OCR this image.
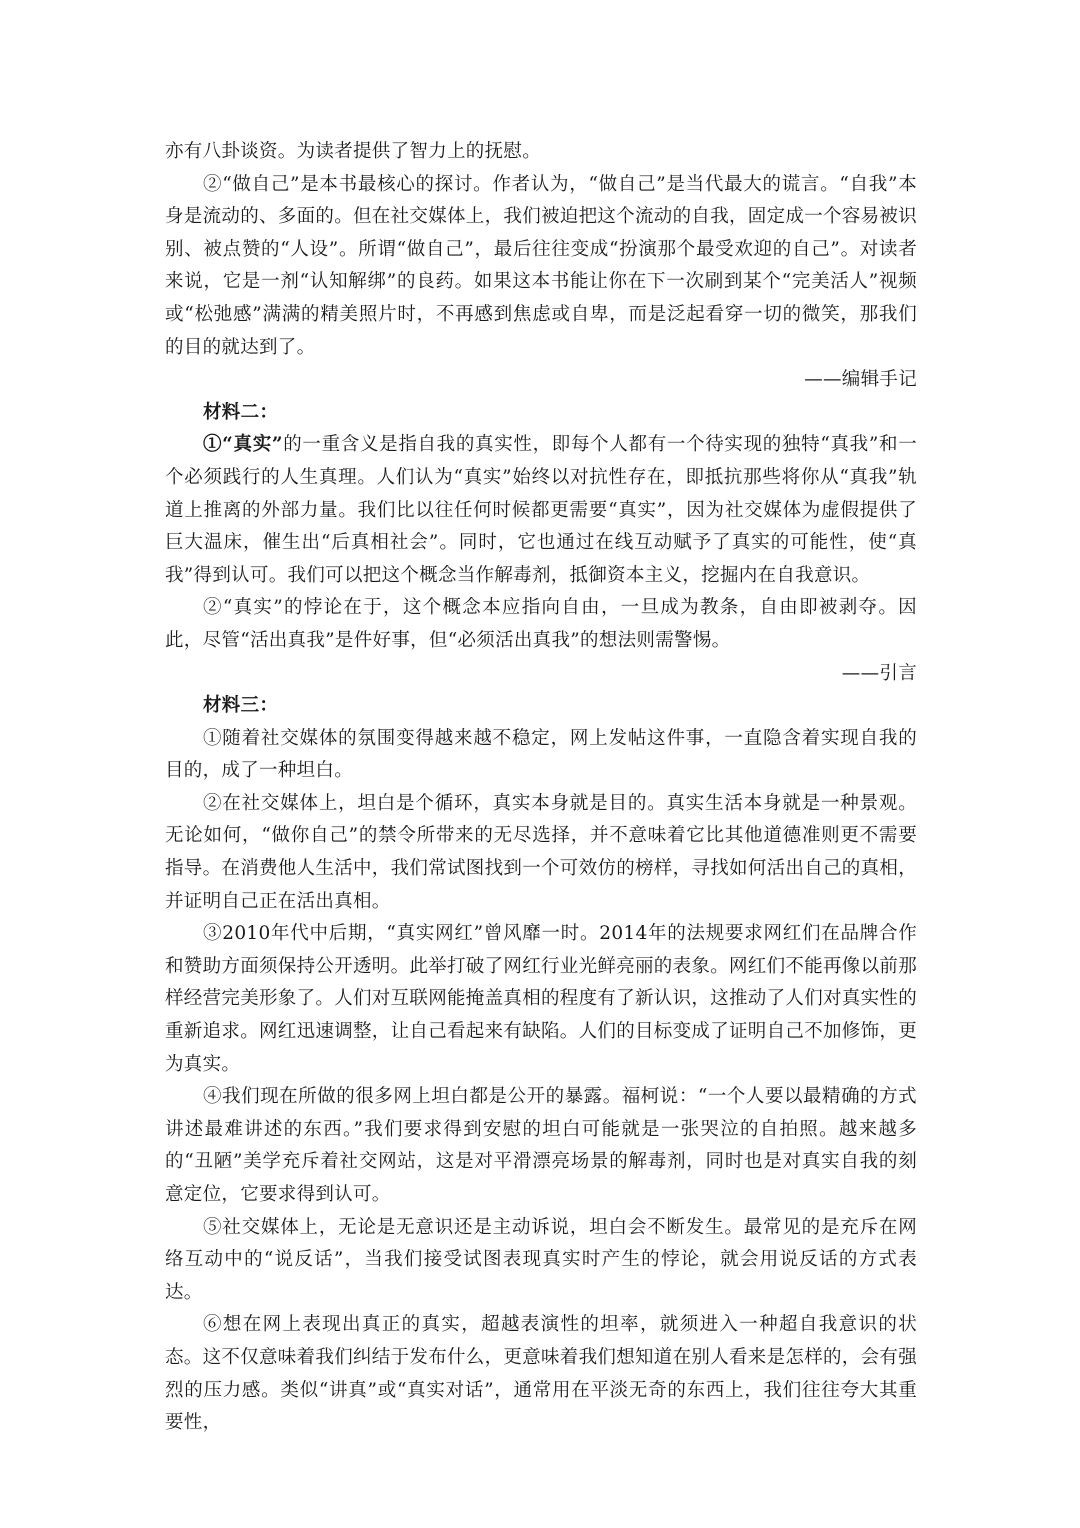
亦有八卦谈资。为读者提供了智力上的抚慰。

②“做自己”是本书最核心的探讨。作者认为，“做自己”是当代最大的谎言。“自我”本身是流动的、多面的。但在社交媒体上，我们被迫把这个流动的自我，固定成一个容易被识别、被点赞的“人设”。所谓“做自己”，最后往往变成“扮演那个最受欢迎的自己”。对读者来说，它是一剂“认知解绑”的良药。如果这本书能让你在下一次刷到某个“完美活人”视频或“松弛感”满满的精美照片时，不再感到焦虑或自卑，而是泛起看穿一切的微笑，那我们的目的就达到了。

——编辑手记

材料二：

①“真实”的一重含义是指自我的真实性，即每个人都有一个待实现的独特“真我”和一个必须践行的人生真理。人们认为“真实”始终以对抗性存在，即抵抗那些将你从“真我”轨道上推离的外部力量。我们比以往任何时候都更需要“真实”，因为社交媒体为虚假提供了巨大温床，催生出“后真相社会”。同时，它也通过在线互动赋予了真实的可能性，使“真我”得到认可。我们可以把这个概念当作解毒剂，抵御资本主义，挖掘内在自我意识。

②“真实”的悖论在于，这个概念本应指向自由，一旦成为教条，自由即被剥夺。因此，尽管“活出真我”是件好事，但“必须活出真我”的想法则需警惕。

——引言

材料三：

①随着社交媒体的氛围变得越来越不稳定，网上发帖这件事，一直隐含着实现自我的目的，成了一种坦白。

②在社交媒体上，坦白是个循环，真实本身就是目的。真实生活本身就是一种景观。无论如何，“做你自己”的禁令所带来的无尽选择，并不意味着它比其他道德准则更不需要指导。在消费他人生活中，我们常试图找到一个可效仿的榜样，寻找如何活出自己的真相，并证明自己正在活出真相。

③2010年代中后期，“真实网红”曾风靡一时。2014年的法规要求网红们在品牌合作和赞助方面须保持公开透明。此举打破了网红行业光鲜亮丽的表象。网红们不能再像以前那样经营完美形象了。人们对互联网能掩盖真相的程度有了新认识，这推动了人们对真实性的重新追求。网红迅速调整，让自己看起来有缺陷。人们的目标变成了证明自己不加修饰，更为真实。

④我们现在所做的很多网上坦白都是公开的暴露。福柯说：“一个人要以最精确的方式讲述最难讲述的东西。”我们要求得到安慰的坦白可能就是一张哭泣的自拍照。越来越多的“丑陋”美学充斥着社交网站，这是对平滑漂亮场景的解毒剂，同时也是对真实自我的刻意定位，它要求得到认可。

⑤社交媒体上，无论是无意识还是主动诉说，坦白会不断发生。最常见的是充斥在网络互动中的“说反话”，当我们接受试图表现真实时产生的悖论，就会用说反话的方式表达。

⑥想在网上表现出真正的真实，超越表演性的坦率，就须进入一种超自我意识的状态。这不仅意味着我们纠结于发布什么，更意味着我们想知道在别人看来是怎样的，会有强烈的压力感。类似“讲真”或“真实对话”，通常用在平淡无奇的东西上，我们往往夸大其重要性，
